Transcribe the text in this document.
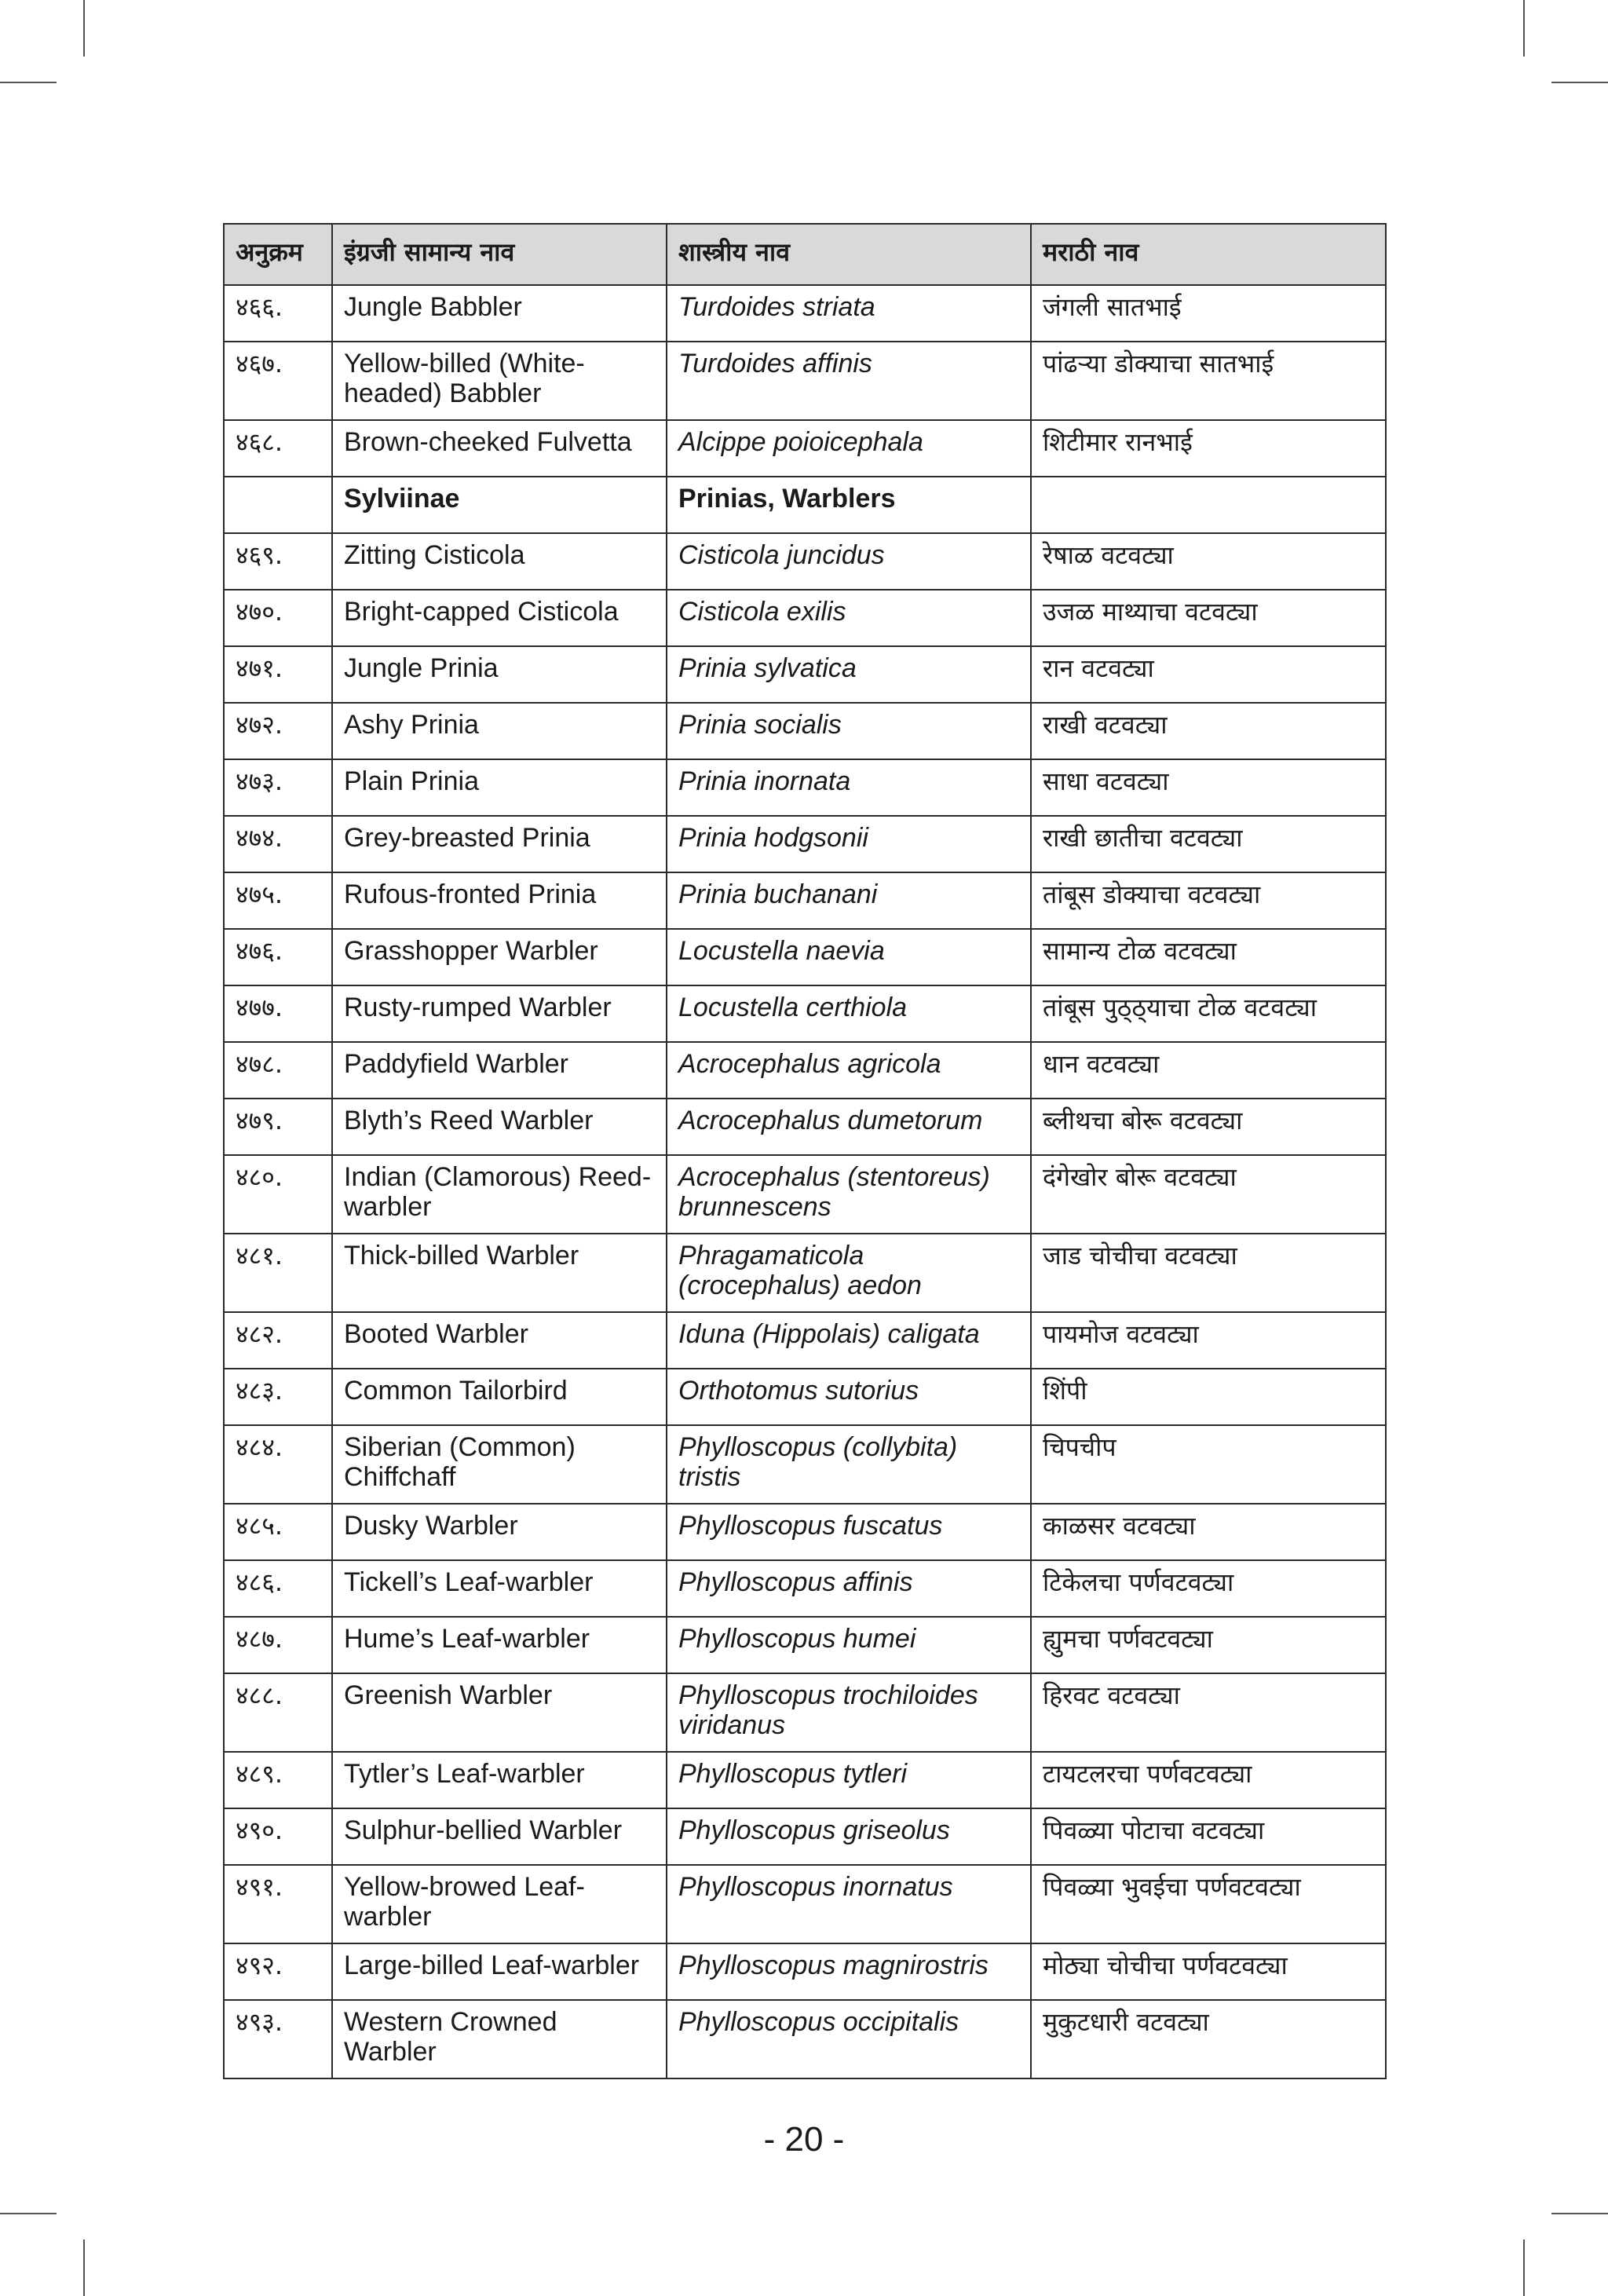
अनुक्रम	इंग्रजी सामान्य नाव	शास्त्रीय नाव	मराठी नाव
४६६.	Jungle Babbler	Turdoides striata	जंगली सातभाई
४६७.	Yellow-billed (White-headed) Babbler	Turdoides affinis	पांढऱ्या डोक्याचा सातभाई
४६८.	Brown-cheeked Fulvetta	Alcippe poioicephala	शिटीमार रानभाई
	Sylviinae	Prinias, Warblers	
४६९.	Zitting Cisticola	Cisticola juncidus	रेषाळ वटवट्या
४७०.	Bright-capped Cisticola	Cisticola exilis	उजळ माथ्याचा वटवट्या
४७१.	Jungle Prinia	Prinia sylvatica	रान वटवट्या
४७२.	Ashy Prinia	Prinia socialis	राखी वटवट्या
४७३.	Plain Prinia	Prinia inornata	साधा वटवट्या
४७४.	Grey-breasted Prinia	Prinia hodgsonii	राखी छातीचा वटवट्या
४७५.	Rufous-fronted Prinia	Prinia buchanani	तांबूस डोक्याचा वटवट्या
४७६.	Grasshopper Warbler	Locustella naevia	सामान्य टोळ वटवट्या
४७७.	Rusty-rumped Warbler	Locustella certhiola	तांबूस पुठ्ठ्याचा टोळ वटवट्या
४७८.	Paddyfield Warbler	Acrocephalus agricola	धान वटवट्या
४७९.	Blyth’s Reed Warbler	Acrocephalus dumetorum	ब्लीथचा बोरू वटवट्या
४८०.	Indian (Clamorous) Reed-warbler	Acrocephalus (stentoreus) brunnescens	दंगेखोर बोरू वटवट्या
४८१.	Thick-billed Warbler	Phragamaticola (crocephalus) aedon	जाड चोचीचा वटवट्या
४८२.	Booted Warbler	Iduna (Hippolais) caligata	पायमोज वटवट्या
४८३.	Common Tailorbird	Orthotomus sutorius	शिंपी
४८४.	Siberian (Common) Chiffchaff	Phylloscopus (collybita) tristis	चिपचीप
४८५.	Dusky Warbler	Phylloscopus fuscatus	काळसर वटवट्या
४८६.	Tickell’s Leaf-warbler	Phylloscopus affinis	टिकेलचा पर्णवटवट्या
४८७.	Hume’s Leaf-warbler	Phylloscopus humei	ह्युमचा पर्णवटवट्या
४८८.	Greenish Warbler	Phylloscopus trochiloides viridanus	हिरवट वटवट्या
४८९.	Tytler’s Leaf-warbler	Phylloscopus tytleri	टायटलरचा पर्णवटवट्या
४९०.	Sulphur-bellied Warbler	Phylloscopus griseolus	पिवळ्या पोटाचा वटवट्या
४९१.	Yellow-browed Leaf-warbler	Phylloscopus inornatus	पिवळ्या भुवईचा पर्णवटवट्या
४९२.	Large-billed Leaf-warbler	Phylloscopus magnirostris	मोठ्या चोचीचा पर्णवटवट्या
४९३.	Western Crowned Warbler	Phylloscopus occipitalis	मुकुटधारी वटवट्या
- 20 -
